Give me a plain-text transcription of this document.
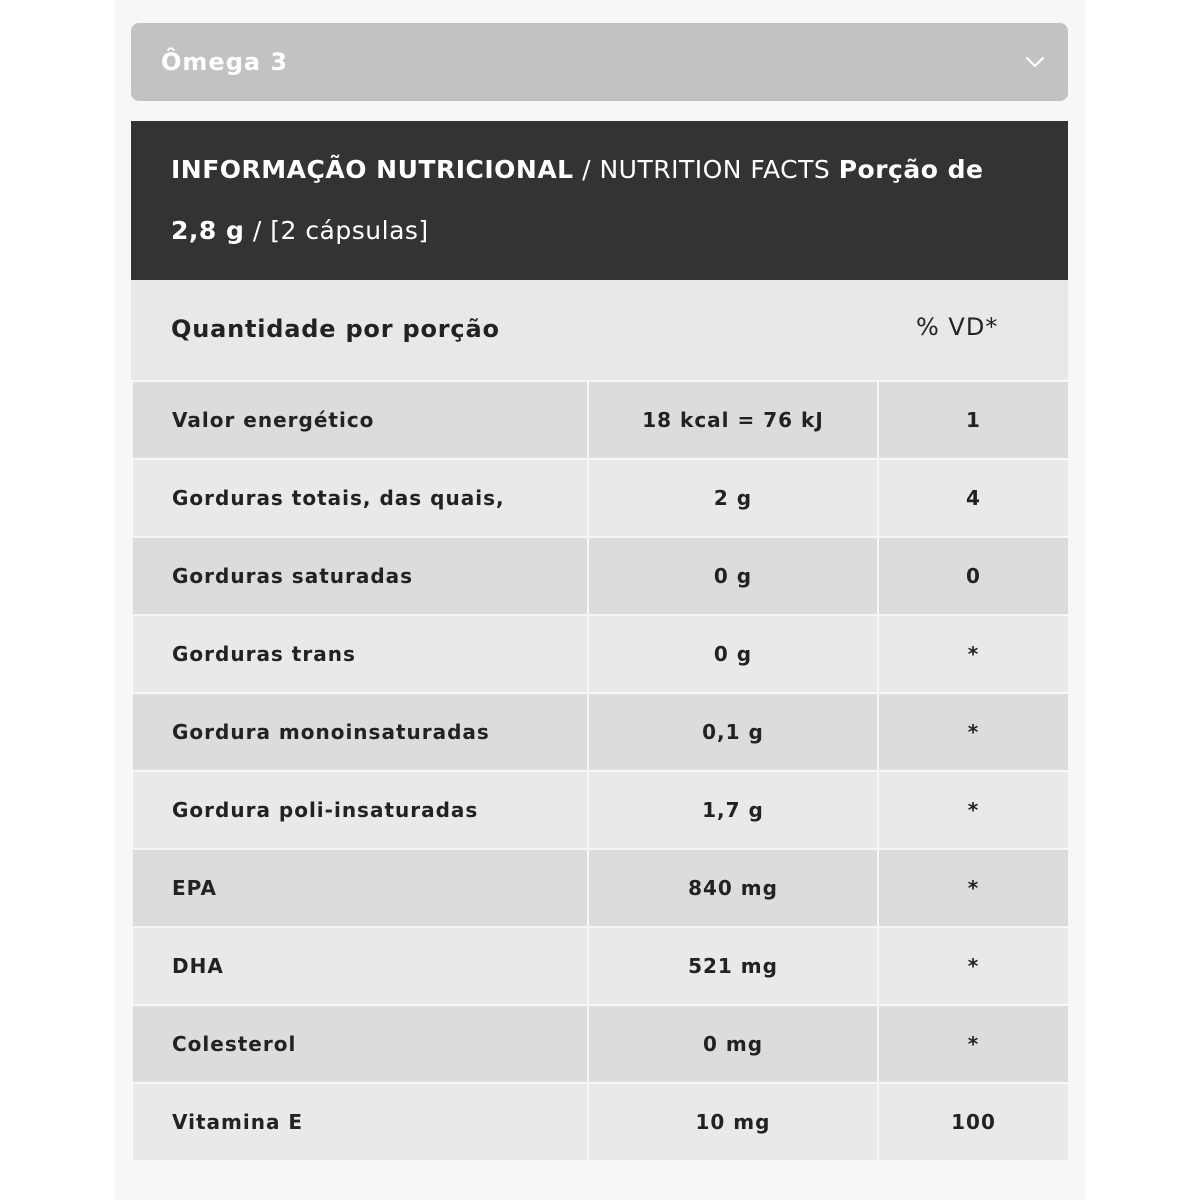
Ômega 3
INFORMAÇÃO NUTRICIONAL / NUTRITION FACTS Porção de 2,8 g / [2 cápsulas]
Quantidade por porção	% VD*
Valor energético	18 kcal = 76 kJ	1
Gorduras totais, das quais,	2 g	4
Gorduras saturadas	0 g	0
Gorduras trans	0 g	*
Gordura monoinsaturadas	0,1 g	*
Gordura poli-insaturadas	1,7 g	*
EPA	840 mg	*
DHA	521 mg	*
Colesterol	0 mg	*
Vitamina E	10 mg	100
